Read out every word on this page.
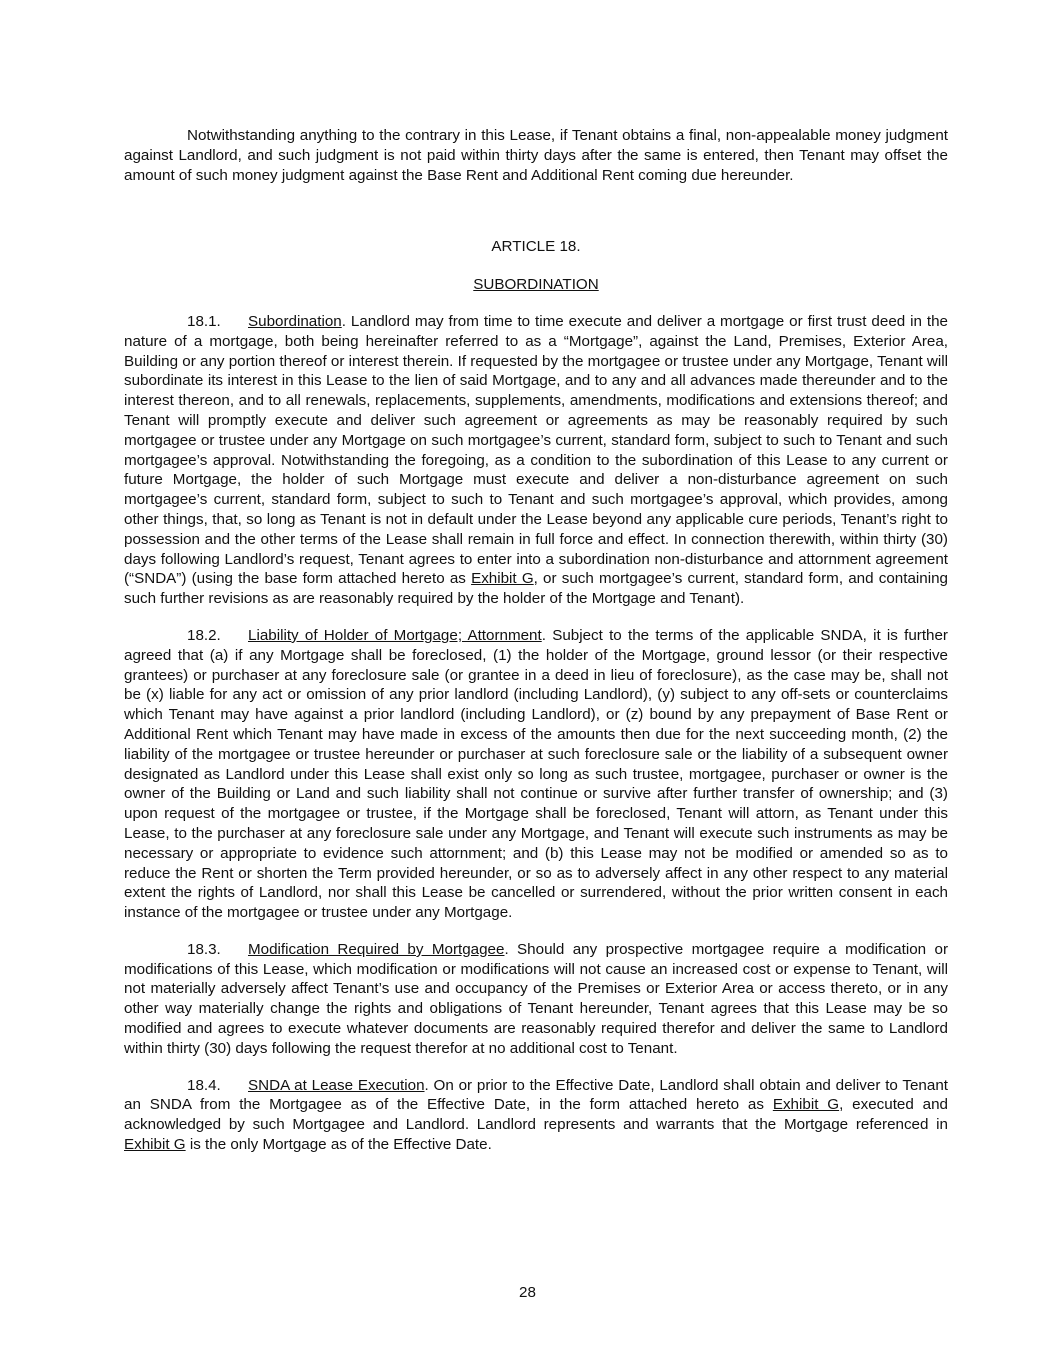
Notwithstanding anything to the contrary in this Lease, if Tenant obtains a final, non-appealable money judgment against Landlord, and such judgment is not paid within thirty days after the same is entered, then Tenant may offset the amount of such money judgment against the Base Rent and Additional Rent coming due hereunder.

ARTICLE 18.

SUBORDINATION

18.1. Subordination. Landlord may from time to time execute and deliver a mortgage or first trust deed in the nature of a mortgage, both being hereinafter referred to as a “Mortgage”, against the Land, Premises, Exterior Area, Building or any portion thereof or interest therein. If requested by the mortgagee or trustee under any Mortgage, Tenant will subordinate its interest in this Lease to the lien of said Mortgage, and to any and all advances made thereunder and to the interest thereon, and to all renewals, replacements, supplements, amendments, modifications and extensions thereof; and Tenant will promptly execute and deliver such agreement or agreements as may be reasonably required by such mortgagee or trustee under any Mortgage on such mortgagee’s current, standard form, subject to such to Tenant and such mortgagee’s approval. Notwithstanding the foregoing, as a condition to the subordination of this Lease to any current or future Mortgage, the holder of such Mortgage must execute and deliver a non-disturbance agreement on such mortgagee’s current, standard form, subject to such to Tenant and such mortgagee’s approval, which provides, among other things, that, so long as Tenant is not in default under the Lease beyond any applicable cure periods, Tenant’s right to possession and the other terms of the Lease shall remain in full force and effect. In connection therewith, within thirty (30) days following Landlord’s request, Tenant agrees to enter into a subordination non-disturbance and attornment agreement (“SNDA”) (using the base form attached hereto as Exhibit G, or such mortgagee’s current, standard form, and containing such further revisions as are reasonably required by the holder of the Mortgage and Tenant).

18.2. Liability of Holder of Mortgage; Attornment. Subject to the terms of the applicable SNDA, it is further agreed that (a) if any Mortgage shall be foreclosed, (1) the holder of the Mortgage, ground lessor (or their respective grantees) or purchaser at any foreclosure sale (or grantee in a deed in lieu of foreclosure), as the case may be, shall not be (x) liable for any act or omission of any prior landlord (including Landlord), (y) subject to any off-sets or counterclaims which Tenant may have against a prior landlord (including Landlord), or (z) bound by any prepayment of Base Rent or Additional Rent which Tenant may have made in excess of the amounts then due for the next succeeding month, (2) the liability of the mortgagee or trustee hereunder or purchaser at such foreclosure sale or the liability of a subsequent owner designated as Landlord under this Lease shall exist only so long as such trustee, mortgagee, purchaser or owner is the owner of the Building or Land and such liability shall not continue or survive after further transfer of ownership; and (3) upon request of the mortgagee or trustee, if the Mortgage shall be foreclosed, Tenant will attorn, as Tenant under this Lease, to the purchaser at any foreclosure sale under any Mortgage, and Tenant will execute such instruments as may be necessary or appropriate to evidence such attornment; and (b) this Lease may not be modified or amended so as to reduce the Rent or shorten the Term provided hereunder, or so as to adversely affect in any other respect to any material extent the rights of Landlord, nor shall this Lease be cancelled or surrendered, without the prior written consent in each instance of the mortgagee or trustee under any Mortgage.

18.3. Modification Required by Mortgagee. Should any prospective mortgagee require a modification or modifications of this Lease, which modification or modifications will not cause an increased cost or expense to Tenant, will not materially adversely affect Tenant’s use and occupancy of the Premises or Exterior Area or access thereto, or in any other way materially change the rights and obligations of Tenant hereunder, Tenant agrees that this Lease may be so modified and agrees to execute whatever documents are reasonably required therefor and deliver the same to Landlord within thirty (30) days following the request therefor at no additional cost to Tenant.

18.4. SNDA at Lease Execution. On or prior to the Effective Date, Landlord shall obtain and deliver to Tenant an SNDA from the Mortgagee as of the Effective Date, in the form attached hereto as Exhibit G, executed and acknowledged by such Mortgagee and Landlord. Landlord represents and warrants that the Mortgage referenced in Exhibit G is the only Mortgage as of the Effective Date.

28
